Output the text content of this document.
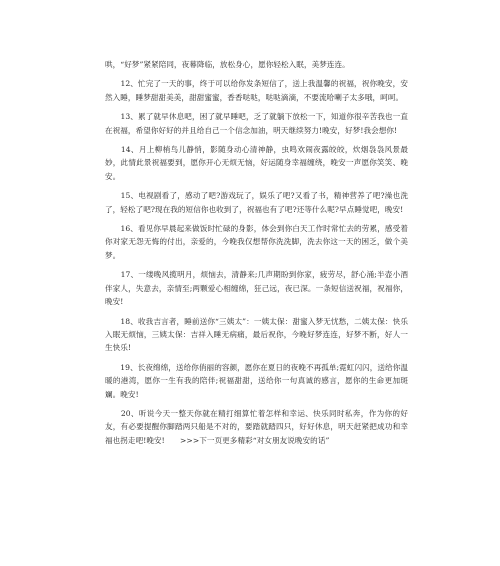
哄，“好梦”紧紧陪同，夜幕降临，放松身心，愿你轻松入眠，美梦连连。

　　12、忙完了一天的事，终于可以给你发条短信了，送上我温馨的祝福，祝你晚安，安然入睡，睡梦甜甜美美，甜甜蜜蜜，香香哒哒，哒哒滴滴，不要流哈喇子太多哦，呵呵。

　　13、累了就早休息吧，困了就早睡吧，乏了就躺下放松一下，知道你很辛苦我也一直在祝福，希望你好好的并且给自己一个信念加油，明天继续努力!晚安，好梦!我会想你!

　　14、月上柳梢鸟儿静悄，影随身动心清神静，虫鸣欢闹夜露皎皎，炊烟袅袅风景最妙，此情此景祝福要到，愿你开心无烦无恼，好运随身幸福缠绕，晚安一声愿你笑笑、晚安。

　　15、电视剧看了，感动了吧?游戏玩了，娱乐了吧?又看了书，精神营养了吧?澡也洗了，轻松了吧?现在我的短信你也收到了，祝福也有了吧?还等什么呢?早点睡觉吧，晚安!

　　16、看见你早晨起来做饭时忙碌的身影，体会到你白天工作时常忙去的劳累，感受着你对家无怨无悔的付出，亲爱的，今晚我仅想帮你洗洗脚，洗去你这一天的困乏，做个美梦。

　　17、一缕晚风揽明月，烦恼去，清静来;几声期盼到你家，疲劳尽，舒心涌;半壶小酒伴家人，失意去，亲情至;两颗爱心相缠绵，狂己远，夜已深。一条短信送祝福，祝福你，晚安!

　　18、收我吉言者，睡前送你“三姨太”：一姨太保：甜蜜入梦无忧愁，二姨太保：快乐入眠无烦恼，三姨太保：吉祥入睡无病痛，最后祝你，今晚好梦连连，好梦不断，好人一生快乐!

　　19、长夜绵绵，送给你俏丽的容颜，愿你在夏日的夜晚不再孤单;霓虹闪闪，送给你温暖的港湾，愿你一生有我的陪伴;祝福甜甜，送给你一句真诚的感言，愿你的生命更加斑斓。晚安!

　　20、听说今天一整天你就在精打细算忙着怎样和幸运、快乐同时私奔，作为你的好友，有必要提醒你脚踏两只船是不对的，要踏就踏四只，好好休息，明天赶紧把成功和幸福也拐走吧!晚安!　　>>>下一页更多精彩“对女朋友说晚安的话”
